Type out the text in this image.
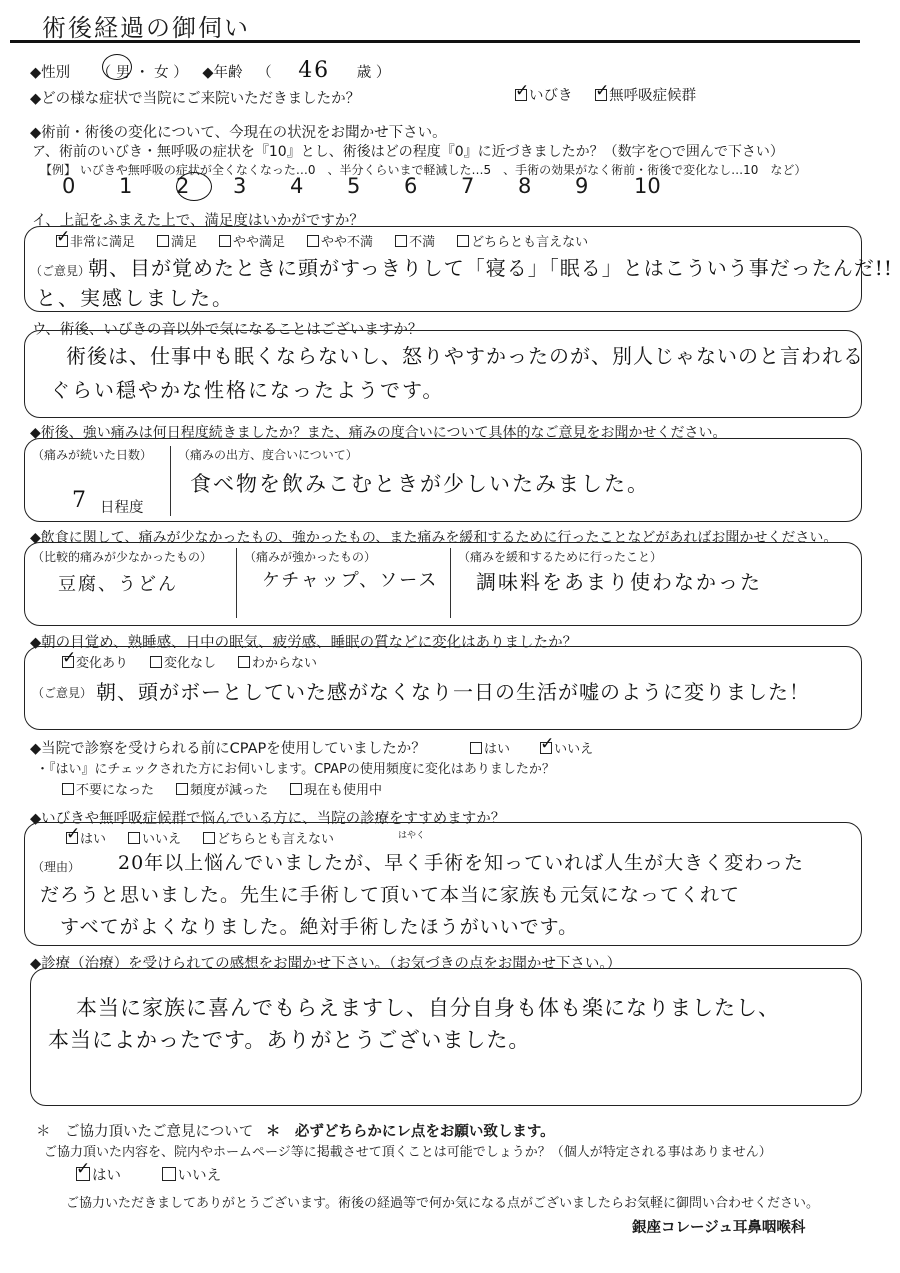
術後経過の御伺い
◆性別 （ 男 ・ 女 ） ◆年齢 （ 46 歳 ）
◆どの様な症状で当院にご来院いただきましたか？ ✓	いびき ✓	無呼吸症候群
◆術前・術後の変化について、今現在の状況をお聞かせ下さい。
ア、術前のいびき・無呼吸の症状を『10』とし、術後はどの程度『0』に近づきましたか？（数字を○で囲んで下さい）
【例】 いびきや無呼吸の症状が全くなくなった…0　、半分くらいまで軽減した…5　、手術の効果がなく術前・術後で変化なし…10　など）
0 1 2 3 4 5 6 7 8 9 10
イ、上記をふまえた上で、満足度はいかがですか？
✓非常に満足	満足	やや満足	やや不満	不満	どちらとも言えない
（ご意見）
朝、目が覚めたときに頭がすっきりして「寝る」「眠る」とはこういう事だったんだ!!
と、実感しました。
ウ、術後、いびきの音以外で気になることはございますか？
術後は、仕事中も眠くならないし、怒りやすかったのが、別人じゃないのと言われる
ぐらい穏やかな性格になったようです。
◆術後、強い痛みは何日程度続きましたか？また、痛みの度合いについて具体的なご意見をお聞かせください。
（痛みが続いた日数）
7 日程度
（痛みの出方、度合いについて）
食べ物を飲みこむときが少しいたみました。
◆飲食に関して、痛みが少なかったもの、強かったもの、また痛みを緩和するために行ったことなどがあればお聞かせください。
（比較的痛みが少なかったもの）
豆腐、うどん
（痛みが強かったもの）
ケチャップ、ソース
（痛みを緩和するために行ったこと）
調味料をあまり使わなかった
◆朝の目覚め、熟睡感、日中の眠気、疲労感、睡眠の質などに変化はありましたか？
✓変化あり	変化なし	わからない
（ご意見） 朝、頭がボーとしていた感がなくなり一日の生活が嘘のように変りました！
◆当院で診察を受けられる前にCPAPを使用していましたか？	はい ✓	いいえ
・『はい』にチェックされた方にお伺いします。CPAPの使用頻度に変化はありましたか？
不要になった	頻度が減った	現在も使用中
◆いびきや無呼吸症候群で悩んでいる方に、当院の診療をすすめますか？
✓はい	いいえ	どちらとも言えない
（理由）
はやく
20年以上悩んでいましたが、早く手術を知っていれば人生が大きく変わった
だろうと思いました。先生に手術して頂いて本当に家族も元気になってくれて
すべてがよくなりました。絶対手術したほうがいいです。
◆診療（治療）を受けられての感想をお聞かせ下さい。（お気づきの点をお聞かせ下さい。）
本当に家族に喜んでもらえますし、自分自身も体も楽になりましたし、
本当によかったです。ありがとうございました。
＊　ご協力頂いたご意見について ＊　必ずどちらかにレ点をお願い致します。
ご協力頂いた内容を、院内やホームページ等に掲載させて頂くことは可能でしょうか？（個人が特定される事はありません）
✓はい	いいえ
ご協力いただきましてありがとうございます。術後の経過等で何か気になる点がございましたらお気軽に御問い合わせください。
銀座コレージュ耳鼻咽喉科
